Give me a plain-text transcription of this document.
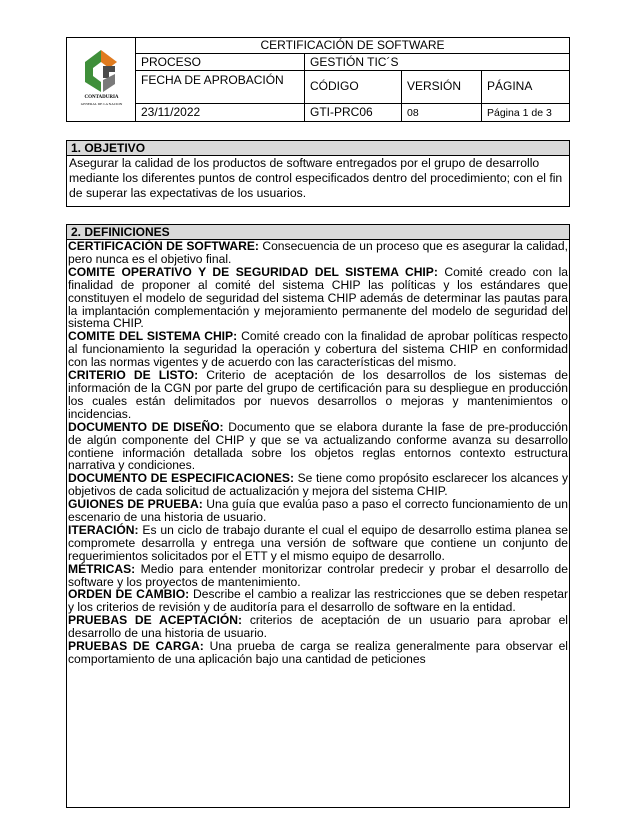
CONTADURIA
GENERAL DE LA NACION
CERTIFICACIÓN DE SOFTWARE
PROCESO	GESTIÓN TIC´S
FECHA DE APROBACIÓN	CÓDIGO	VERSIÓN	PÁGINA
23/11/2022	GTI-PRC06	08	Página 1 de 3
1. OBJETIVO
Asegurar la calidad de los productos de software entregados por el grupo de desarrollo mediante los diferentes puntos de control especificados dentro del procedimiento; con el fin de superar las expectativas de los usuarios.
2. DEFINICIONES

CERTIFICACIÓN DE SOFTWARE: Consecuencia de un proceso que es asegurar la calidad, pero nunca es el objetivo final.

COMITE OPERATIVO Y DE SEGURIDAD DEL SISTEMA CHIP: Comité creado con la finalidad de proponer al comité del sistema CHIP las políticas y los estándares que constituyen el modelo de seguridad del sistema CHIP además de determinar las pautas para la implantación complementación y mejoramiento permanente del modelo de seguridad del sistema CHIP.

COMITE DEL SISTEMA CHIP: Comité creado con la finalidad de aprobar políticas respecto al funcionamiento la seguridad la operación y cobertura del sistema CHIP en conformidad con las normas vigentes y de acuerdo con las características del mismo.

CRITERIO DE LISTO: Criterio de aceptación de los desarrollos de los sistemas de información de la CGN por parte del grupo de certificación para su despliegue en producción los cuales están delimitados por nuevos desarrollos o mejoras y mantenimientos o incidencias.

DOCUMENTO DE DISEÑO: Documento que se elabora durante la fase de pre-producción de algún componente del CHIP y que se va actualizando conforme avanza su desarrollo contiene información detallada sobre los objetos reglas entornos contexto estructura narrativa y condiciones.

DOCUMENTO DE ESPECIFICACIONES: Se tiene como propósito esclarecer los alcances y objetivos de cada solicitud de actualización y mejora del sistema CHIP.

GUIONES DE PRUEBA: Una guía que evalúa paso a paso el correcto funcionamiento de un escenario de una historia de usuario.

ITERACIÓN: Es un ciclo de trabajo durante el cual el equipo de desarrollo estima planea se compromete desarrolla y entrega una versión de software que contiene un conjunto de requerimientos solicitados por el ETT y el mismo equipo de desarrollo.

MÉTRICAS: Medio para entender monitorizar controlar predecir y probar el desarrollo de software y los proyectos de mantenimiento.

ORDEN DE CAMBIO: Describe el cambio a realizar las restricciones que se deben respetar y los criterios de revisión y de auditoría para el desarrollo de software en la entidad.

PRUEBAS DE ACEPTACIÓN: criterios de aceptación de un usuario para aprobar el desarrollo de una historia de usuario.

PRUEBAS DE CARGA: Una prueba de carga se realiza generalmente para observar el comportamiento de una aplicación bajo una cantidad de peticiones
